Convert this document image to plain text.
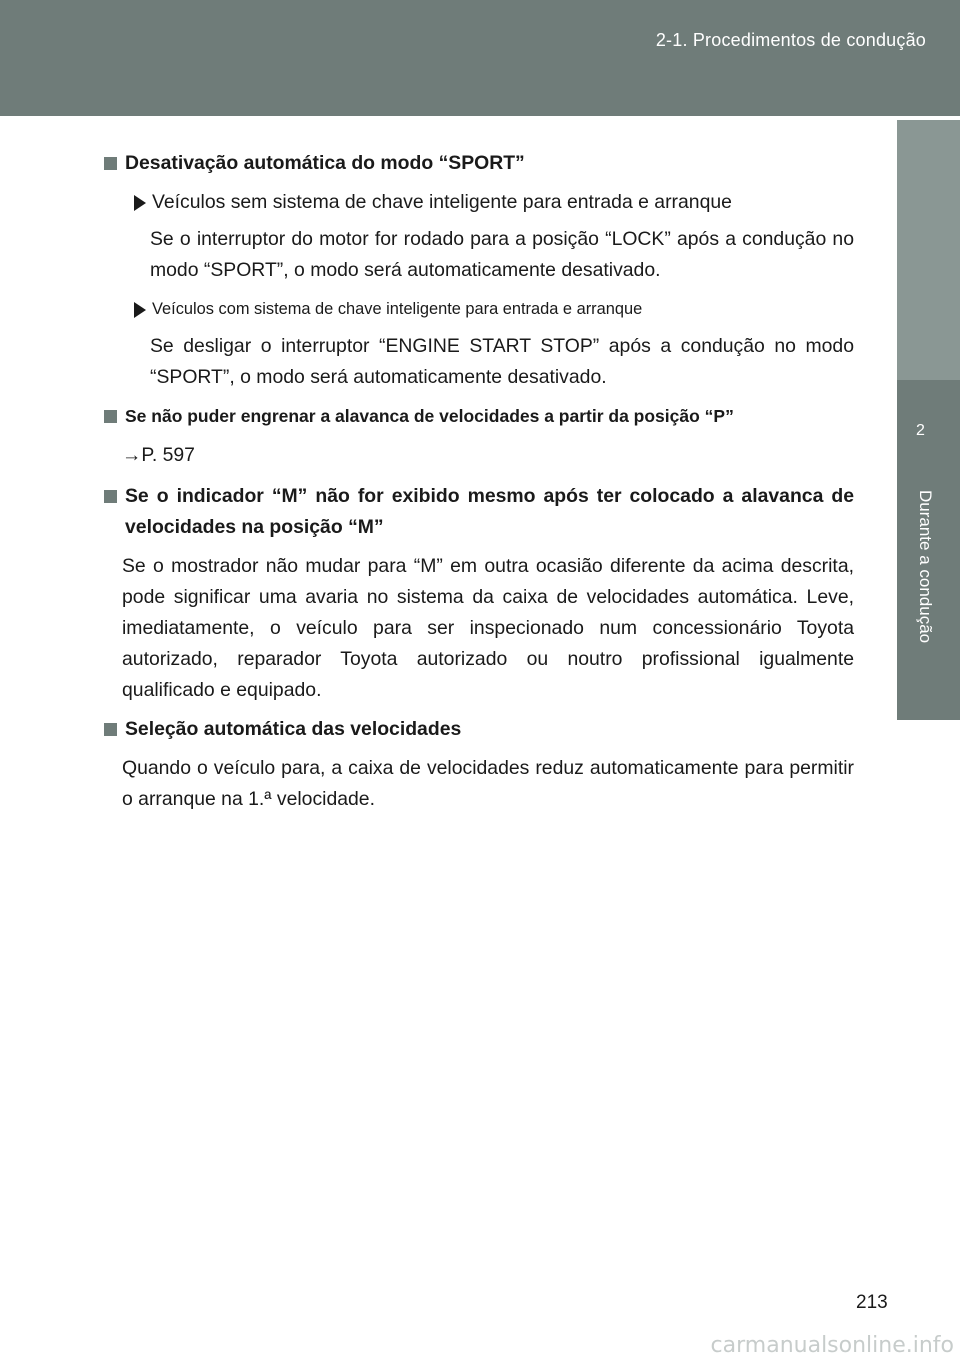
2-1. Procedimentos de condução
2
Durante a condução
Desativação automática do modo “SPORT”
Veículos sem sistema de chave inteligente para entrada e arranque
Se o interruptor do motor for rodado para a posição “LOCK” após a condução no modo “SPORT”, o modo será automaticamente desativado.
Veículos com sistema de chave inteligente para entrada e arranque
Se desligar o interruptor “ENGINE START STOP” após a condução no modo “SPORT”, o modo será automaticamente desativado.
Se não puder engrenar a alavanca de velocidades a partir da posição “P”
→P. 597
Se o indicador “M” não for exibido mesmo após ter colocado a alavanca de velocidades na posição “M”
Se o mostrador não mudar para “M” em outra ocasião diferente da acima descrita, pode significar uma avaria no sistema da caixa de velocidades automática. Leve, imediatamente, o veículo para ser inspecionado num concessionário Toyota autorizado, reparador Toyota autorizado ou noutro profissional igualmente qualificado e equipado.
Seleção automática das velocidades
Quando o veículo para, a caixa de velocidades reduz automaticamente para permitir o arranque na 1.ª velocidade.
213
carmanualsonline.info
